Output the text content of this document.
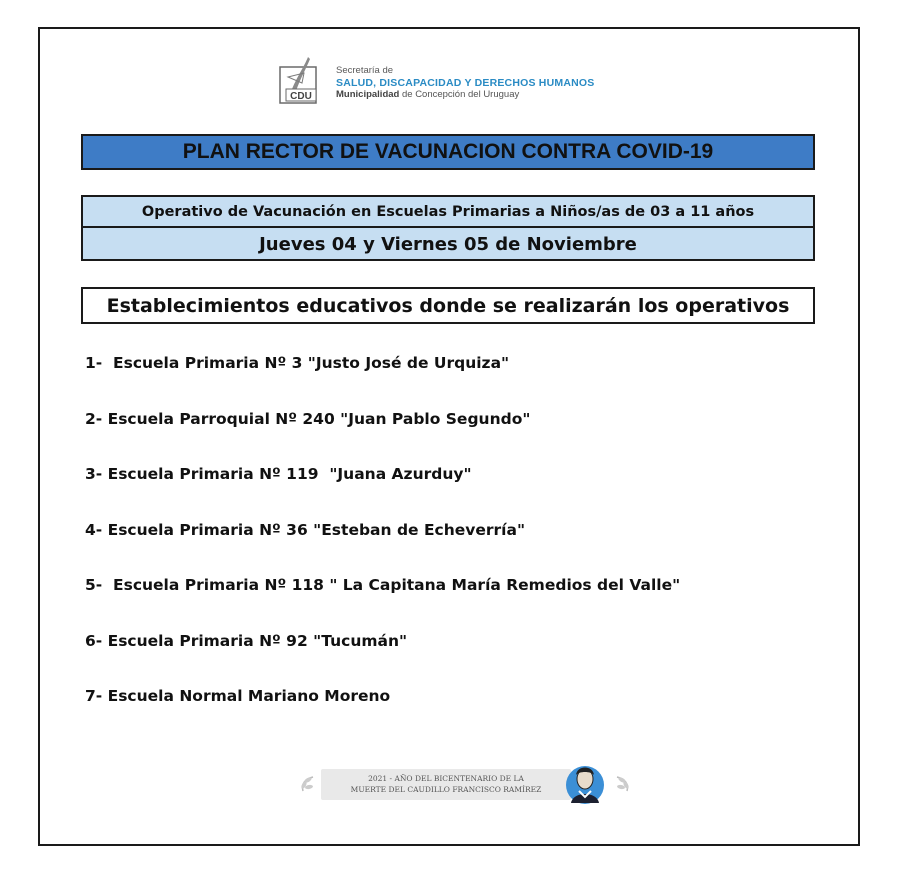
CDU
Secretaría de
SALUD, DISCAPACIDAD Y DERECHOS HUMANOS
Municipalidad de Concepción del Uruguay
PLAN RECTOR DE VACUNACION CONTRA COVID-19
Operativo de Vacunación en Escuelas Primarias a Niños/as de 03 a 11 años
Jueves 04 y Viernes 05 de Noviembre
Establecimientos educativos donde se realizarán los operativos
1-  Escuela Primaria Nº 3 "Justo José de Urquiza"
2- Escuela Parroquial Nº 240 "Juan Pablo Segundo"
3- Escuela Primaria Nº 119  "Juana Azurduy"
4- Escuela Primaria Nº 36 "Esteban de Echeverría"
5-  Escuela Primaria Nº 118 " La Capitana María Remedios del Valle"
6- Escuela Primaria Nº 92 "Tucumán"
7- Escuela Normal Mariano Moreno
2021 - AÑO DEL BICENTENARIO DE LA
MUERTE DEL CAUDILLO FRANCISCO RAMÍREZ
